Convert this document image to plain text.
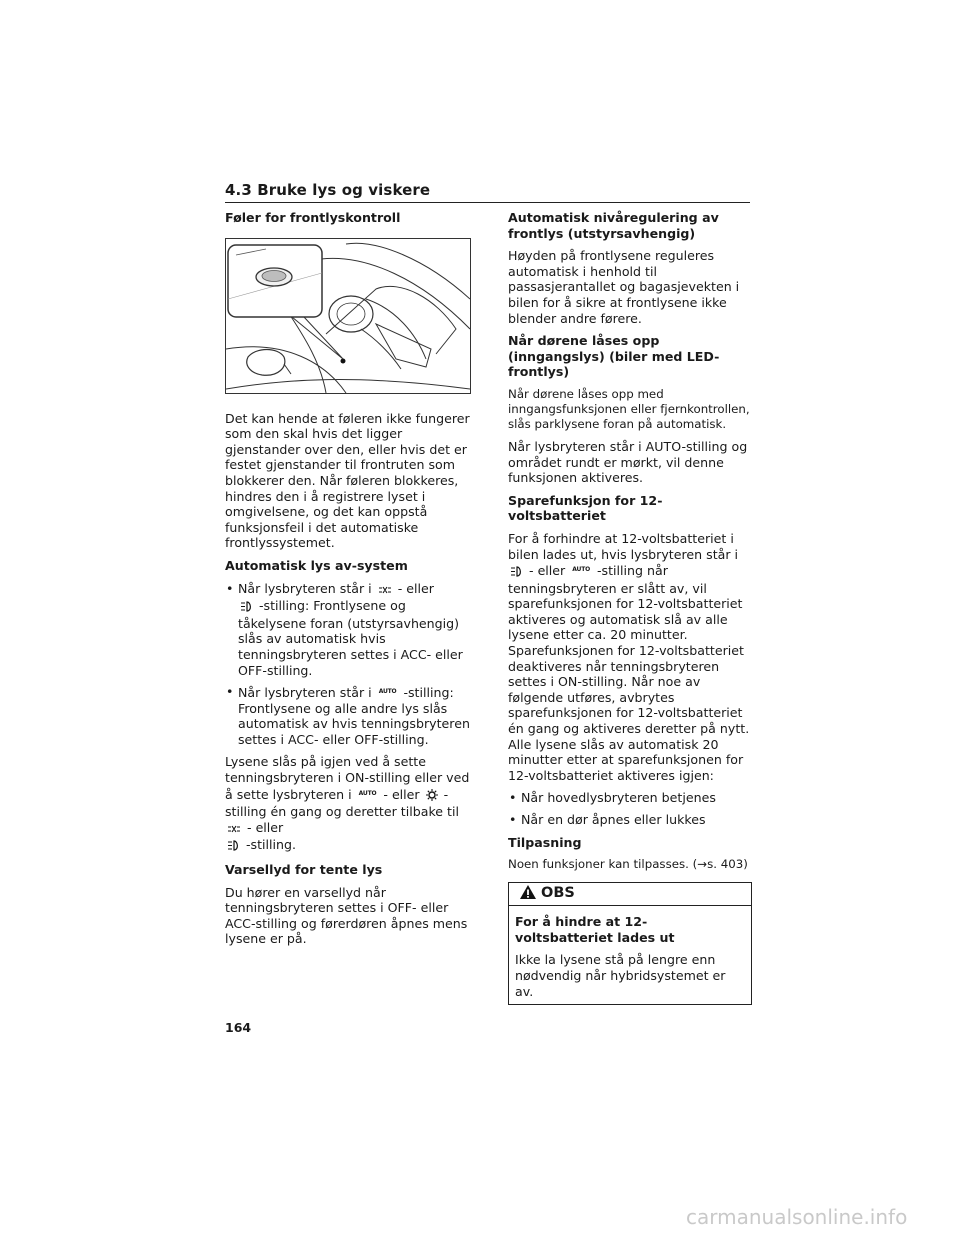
4.3 Bruke lys og viskere
Føler for frontlyskontroll
Det kan hende at føleren ikke fungerer som den skal hvis det ligger gjenstander over den, eller hvis det er festet gjenstander til frontruten som blokkerer den. Når føleren blokkeres, hindres den i å registrere lyset i omgivelsene, og det kan oppstå funksjonsfeil i det automatiske frontlyssystemet.
Automatisk lys av-system
• Når lysbryteren står i - eller
-stilling: Frontlysene og tåkelysene foran (utstyrsavhengig) slås av automatisk hvis tenningsbryteren settes i ACC- eller OFF-stilling.
• Når lysbryteren står i $^{AUTO}$ -stilling: Frontlysene og alle andre lys slås automatisk av hvis tenningsbryteren settes i ACC- eller OFF-stilling.
Lysene slås på igjen ved å sette tenningsbryteren i ON-stilling eller ved å sette lysbryteren i $^{AUTO}$ - eller -stilling én gang og deretter tilbake til  - eller
-stilling.
Varsellyd for tente lys
Du hører en varsellyd når tenningsbryteren settes i OFF- eller ACC-stilling og førerdøren åpnes mens lysene er på.
Automatisk nivåregulering av frontlys (utstyrsavhengig)
Høyden på frontlysene reguleres automatisk i henhold til passasjerantallet og bagasjevekten i bilen for å sikre at frontlysene ikke blender andre førere.
Når dørene låses opp (inngangslys) (biler med LED-frontlys)
Når dørene låses opp med inngangsfunksjonen eller fjernkontrollen, slås parklysene foran på automatisk.
Når lysbryteren står i AUTO-stilling og området rundt er mørkt, vil denne funksjonen aktiveres.
Sparefunksjon for 12-voltsbatteriet
For å forhindre at 12-voltsbatteriet i bilen lades ut, hvis lysbryteren står i
- eller $^{AUTO}$ -stilling når tenningsbryteren er slått av, vil sparefunksjonen for 12-voltsbatteriet aktiveres og automatisk slå av alle lysene etter ca. 20 minutter. Sparefunksjonen for 12-voltsbatteriet deaktiveres når tenningsbryteren settes i ON-stilling. Når noe av følgende utføres, avbrytes sparefunksjonen for 12-voltsbatteriet én gang og aktiveres deretter på nytt. Alle lysene slås av automatisk 20 minutter etter at sparefunksjonen for 12-voltsbatteriet aktiveres igjen:
• Når hovedlysbryteren betjenes
• Når en dør åpnes eller lukkes
Tilpasning
Noen funksjoner kan tilpasses. (→s. 403)
OBS
For å hindre at 12-voltsbatteriet lades ut
Ikke la lysene stå på lengre enn nødvendig når hybridsystemet er av.
164
carmanualsonline.info
